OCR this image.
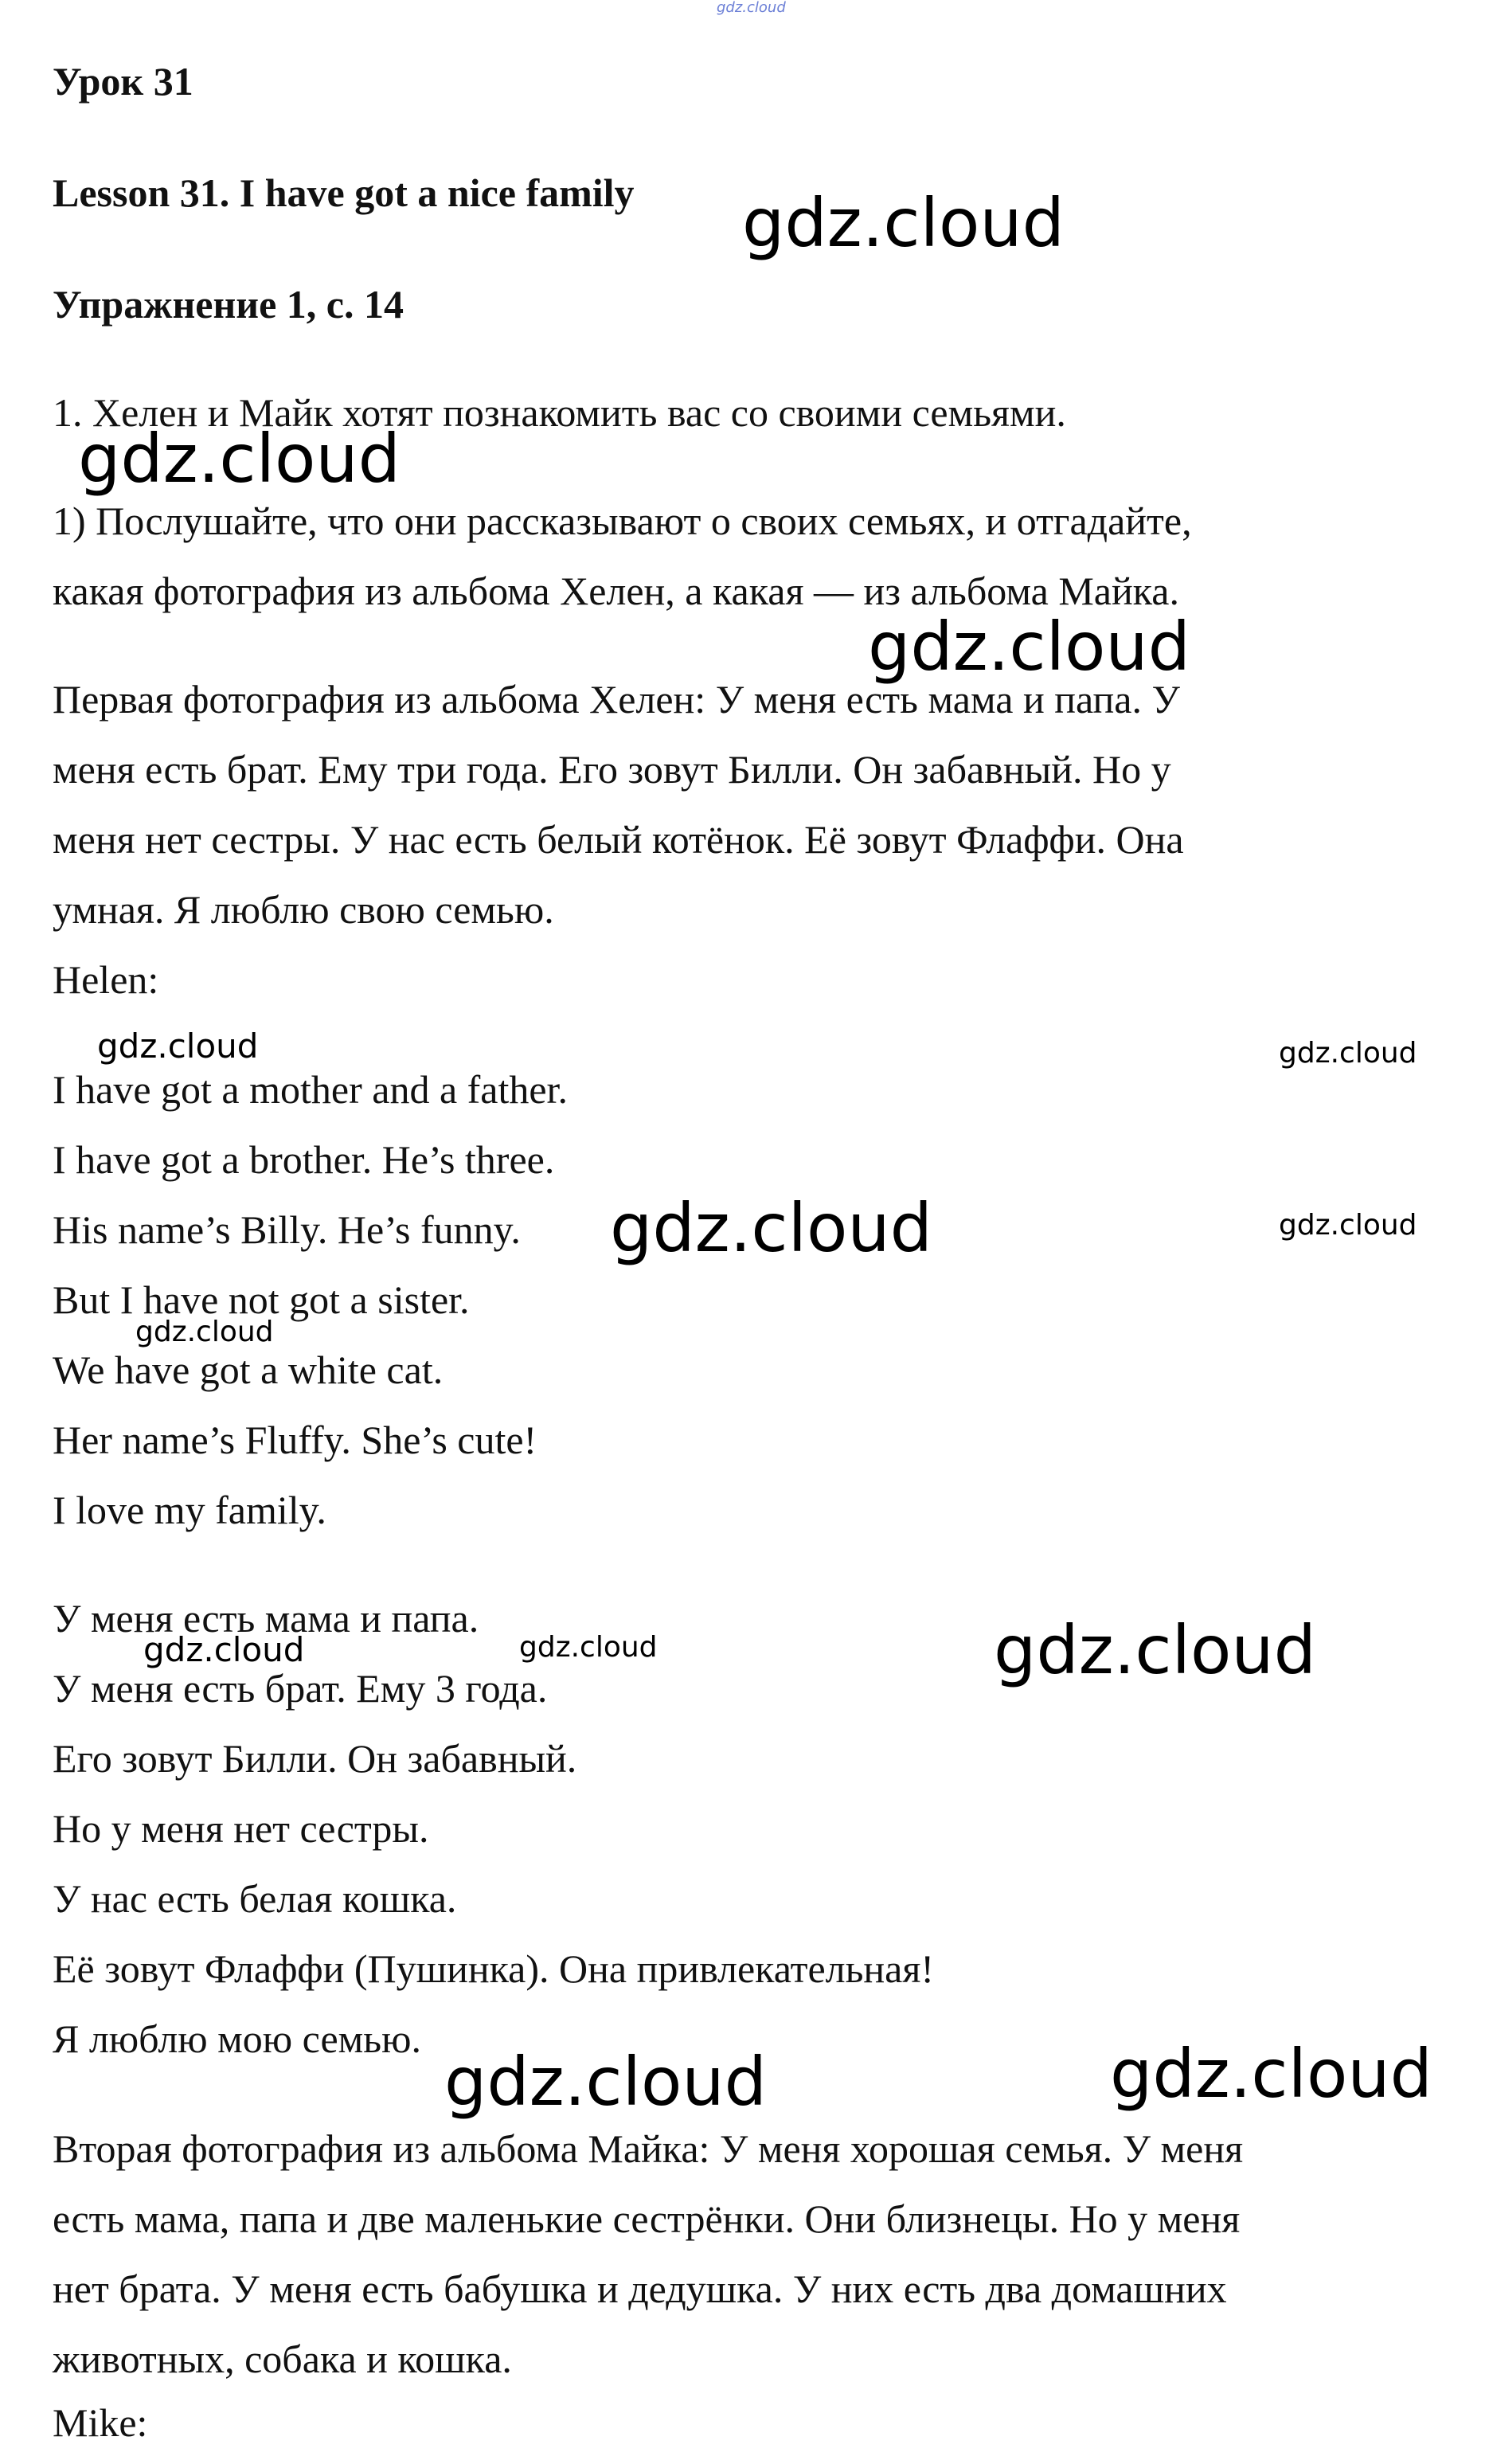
gdz.cloud

Урок 31

Lesson 31. I have got a nice family

Упражнение 1, с. 14

1. Хелен и Майк хотят познакомить вас со своими семьями.

1) Послушайте, что они рассказывают о своих семьях, и отгадайте,

какая фотография из альбома Хелен, а какая — из альбома Майка.

Первая фотография из альбома Хелен: У меня есть мама и папа. У

меня есть брат. Ему три года. Его зовут Билли. Он забавный. Но у

меня нет сестры. У нас есть белый котёнок. Её зовут Флаффи. Она

умная. Я люблю свою семью.

Helen:

I have got a mother and a father.

I have got a brother. He’s three.

His name’s Billy. He’s funny.

But I have not got a sister.

We have got a white cat.

Her name’s Fluffy. She’s cute!

I love my family.

У меня есть мама и папа.

У меня есть брат. Ему 3 года.

Его зовут Билли. Он забавный.

Но у меня нет сестры.

У нас есть белая кошка.

Её зовут Флаффи (Пушинка). Она привлекательная!

Я люблю мою семью.

Вторая фотография из альбома Майка: У меня хорошая семья. У меня

есть мама, папа и две маленькие сестрёнки. Они близнецы. Но у меня

нет брата. У меня есть бабушка и дедушка. У них есть два домашних

животных, собака и кошка.

Mike:

gdz.cloud
gdz.cloud
gdz.cloud
gdz.cloud	gdz.cloud
gdz.cloud	gdz.cloud
gdz.cloud
gdz.cloud	gdz.cloud	gdz.cloud
gdz.cloud	gdz.cloud
